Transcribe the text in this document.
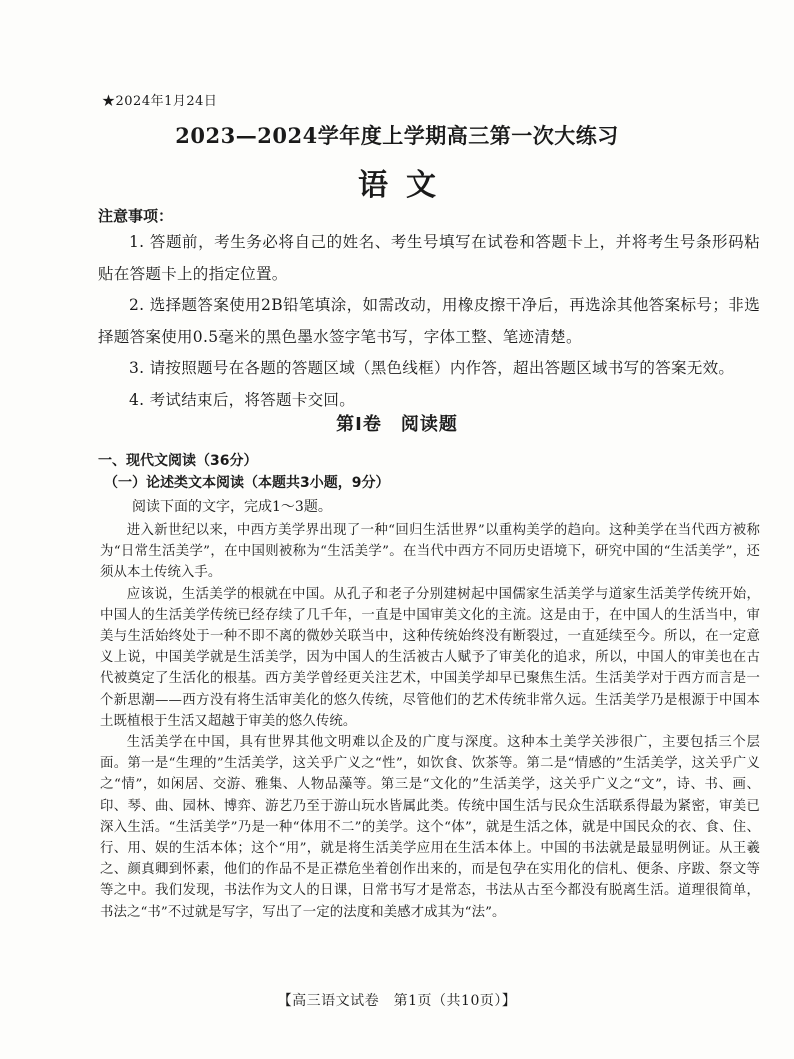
★2024年1月24日
2023—2024学年度上学期高三第一次大练习
语文
注意事项：

1. 答题前，考生务必将自己的姓名、考生号填写在试卷和答题卡上，并将考生号条形码粘贴在答题卡上的指定位置。

2. 选择题答案使用2B铅笔填涂，如需改动，用橡皮擦干净后，再选涂其他答案标号；非选择题答案使用0.5毫米的黑色墨水签字笔书写，字体工整、笔迹清楚。

3. 请按照题号在各题的答题区域（黑色线框）内作答，超出答题区域书写的答案无效。

4. 考试结束后，将答题卡交回。

第Ⅰ卷　阅读题
一、现代文阅读（36分）
（一）论述类文本阅读（本题共3小题，9分）
阅读下面的文字，完成1～3题。

进入新世纪以来，中西方美学界出现了一种“回归生活世界”以重构美学的趋向。这种美学在当代西方被称为“日常生活美学”，在中国则被称为“生活美学”。在当代中西方不同历史语境下，研究中国的“生活美学”，还须从本土传统入手。

应该说，生活美学的根就在中国。从孔子和老子分别建树起中国儒家生活美学与道家生活美学传统开始，中国人的生活美学传统已经存续了几千年，一直是中国审美文化的主流。这是由于，在中国人的生活当中，审美与生活始终处于一种不即不离的微妙关联当中，这种传统始终没有断裂过，一直延续至今。所以，在一定意义上说，中国美学就是生活美学，因为中国人的生活被古人赋予了审美化的追求，所以，中国人的审美也在古代被奠定了生活化的根基。西方美学曾经更关注艺术，中国美学却早已聚焦生活。生活美学对于西方而言是一个新思潮——西方没有将生活审美化的悠久传统，尽管他们的艺术传统非常久远。生活美学乃是根源于中国本土既植根于生活又超越于审美的悠久传统。

生活美学在中国，具有世界其他文明难以企及的广度与深度。这种本土美学关涉很广，主要包括三个层面。第一是“生理的”生活美学，这关乎广义之“性”，如饮食、饮茶等。第二是“情感的”生活美学，这关乎广义之“情”，如闲居、交游、雅集、人物品藻等。第三是“文化的”生活美学，这关乎广义之“文”，诗、书、画、印、琴、曲、园林、博弈、游艺乃至于游山玩水皆属此类。传统中国生活与民众生活联系得最为紧密，审美已深入生活。“生活美学”乃是一种“体用不二”的美学。这个“体”，就是生活之体，就是中国民众的衣、食、住、行、用、娱的生活本体；这个“用”，就是将生活美学应用在生活本体上。中国的书法就是最显明例证。从王羲之、颜真卿到怀素，他们的作品不是正襟危坐着创作出来的，而是包孕在实用化的信札、便条、序跋、祭文等等之中。我们发现，书法作为文人的日课，日常书写才是常态，书法从古至今都没有脱离生活。道理很简单，书法之“书”不过就是写字，写出了一定的法度和美感才成其为“法”。

【高三语文试卷　第1页（共10页）】
